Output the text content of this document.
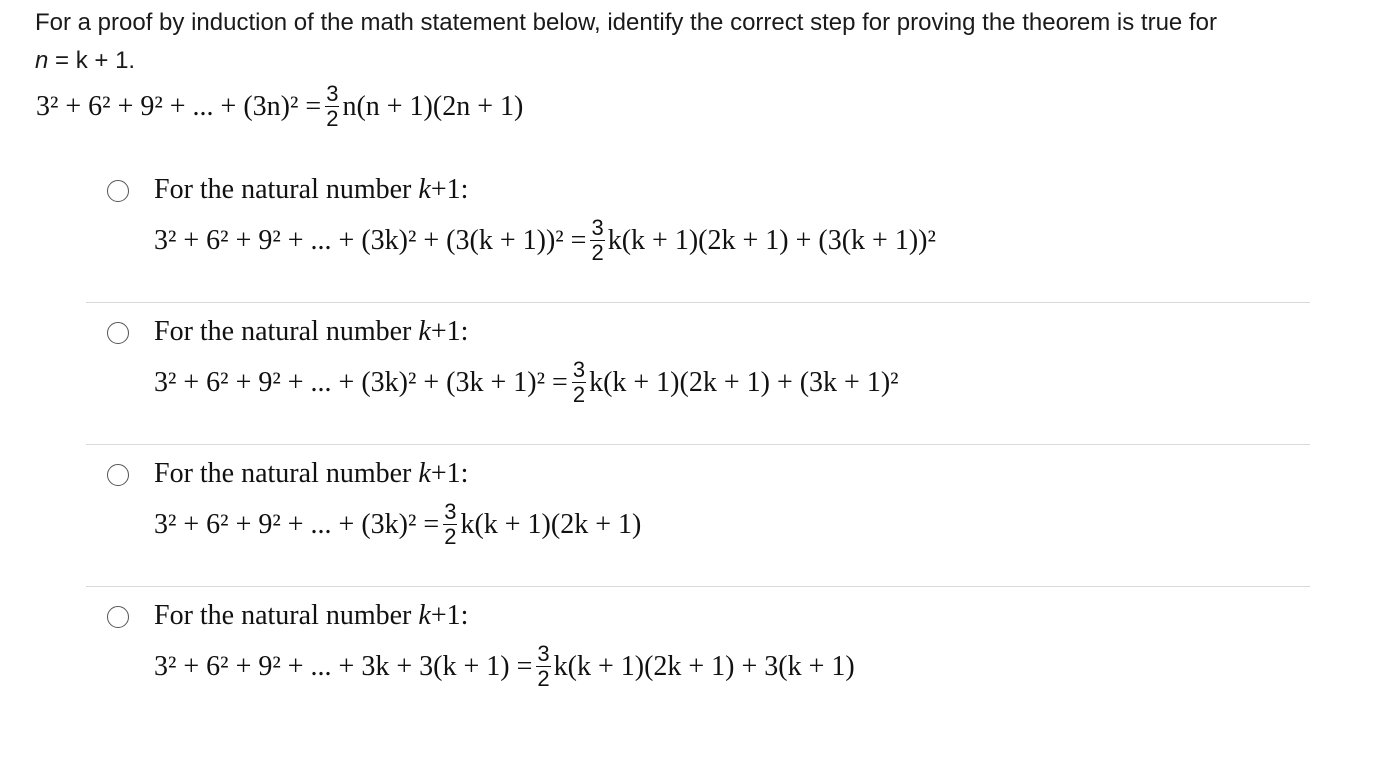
For a proof by induction of the math statement below, identify the correct step for proving the theorem is true for
n = k + 1.
3² + 6² + 9² + ... + $(3n)^2 = \frac{3}{2} n(n + 1)(2n + 1)$
For the natural number k+1:
3² + 6² + 9² + ... + $(3k)^2 + (3(k + 1))^2 = \frac{3}{2} k(k + 1)(2k + 1) + (3(k + 1))^2$
For the natural number k+1:
3² + 6² + 9² + ... + $(3k)^2 + (3k + 1)^2 = \frac{3}{2} k(k + 1)(2k + 1) + (3k + 1)^2$
For the natural number k+1:
3² + 6² + 9² + ... + $(3k)^2 = \frac{3}{2} k(k + 1)(2k + 1)$
For the natural number k+1:
3² + 6² + 9² + ... + $3k + 3(k + 1) = \frac{3}{2} k(k + 1)(2k + 1) + 3(k + 1)$
